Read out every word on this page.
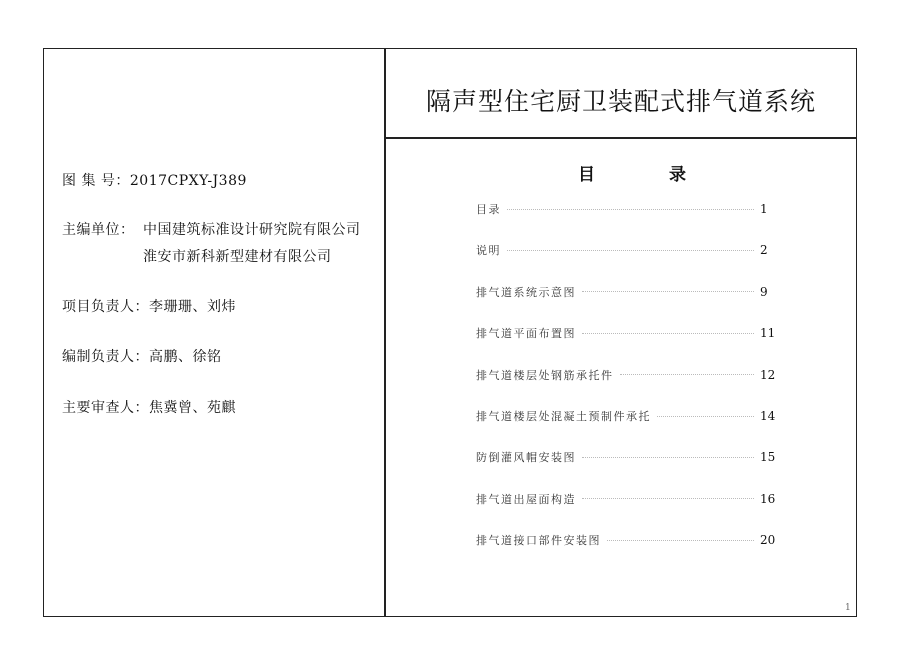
隔声型住宅厨卫装配式排气道系统
图 集 号：2017CPXY-J389
主编单位： 中国建筑标准设计研究院有限公司
淮安市新科新型建材有限公司
项目负责人：李珊珊、刘炜
编制负责人：高鹏、徐铭
主要审查人：焦冀曾、苑麒
目	录
目录	1
说明	2
排气道系统示意图	9
排气道平面布置图	11
排气道楼层处钢筋承托件	12
排气道楼层处混凝土预制件承托	14
防倒灌风帽安装图	15
排气道出屋面构造	16
排气道接口部件安装图	20
1
